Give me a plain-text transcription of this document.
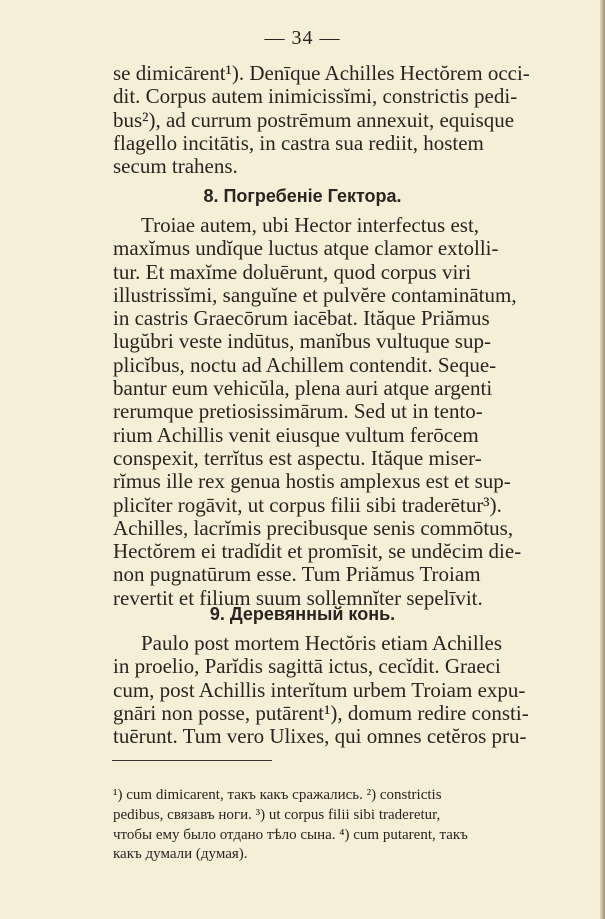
— 34 —
se dimicārent¹). Denīque Achilles Hectŏrem occi-
dit. Corpus autem inimicissĭmi, constrictis pedi-
bus²), ad currum postrēmum annexuit, equisque
flagello incitātis, in castra sua rediit, hostem
secum trahens.
8. Погребеніе Гектора.
Troiae autem, ubi Hector interfectus est,
maxĭmus undĭque luctus atque clamor extolli-
tur. Et maxĭme doluērunt, quod corpus viri
illustrissĭmi, sanguĭne et pulvĕre contaminātum,
in castris Graecōrum iacēbat. Ităque Priămus
lugŭbri veste indūtus, manĭbus vultuque sup-
plicĭbus, noctu ad Achillem contendit. Seque-
bantur eum vehicŭla, plena auri atque argenti
rerumque pretiosissimārum. Sed ut in tento-
rium Achillis venit eiusque vultum ferōcem
conspexit, terrĭtus est aspectu. Ităque miser-
rĭmus ille rex genua hostis amplexus est et sup-
plicĭter rogāvit, ut corpus filii sibi traderētur³).
Achilles, lacrĭmis precibusque senis commōtus,
Hectŏrem ei tradĭdit et promīsit, se undĕcim die-
non pugnatūrum esse. Tum Priămus Troiam
revertit et filium suum sollemnĭter sepelīvit.
9. Деревянный конь.
Paulo post mortem Hectŏris etiam Achilles
in proelio, Parĭdis sagittā ictus, cecĭdit. Graeci
cum, post Achillis interĭtum urbem Troiam expu-
gnāri non posse, putārent¹), domum redire consti-
tuērunt. Tum vero Ulixes, qui omnes cetĕros pru-
¹) cum dimicarent, такъ какъ сражались. ²) constrictis
pedibus, связавъ ноги. ³) ut corpus filii sibi traderetur,
чтобы ему было отдано тѣло сына. ⁴) cum putarent, такъ
какъ думали (думая).
